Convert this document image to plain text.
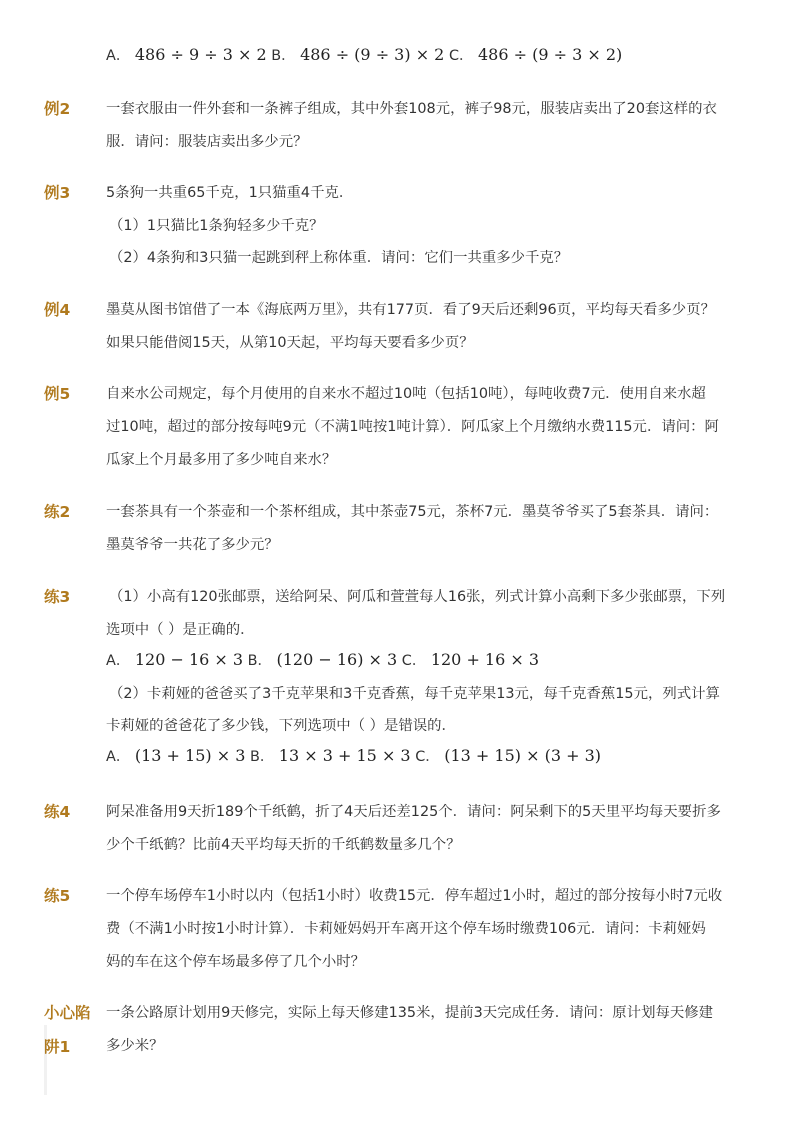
A． 486 ÷ 9 ÷ 3 × 2 B． 486 ÷ (9 ÷ 3) × 2 C． 486 ÷ (9 ÷ 3 × 2)
例2 一套衣服由一件外套和一条裤子组成，其中外套108元，裤子98元，服装店卖出了20套这样的衣
服．请问：服装店卖出多少元？
例3 5条狗一共重65千克，1只猫重4千克．
（1）1只猫比1条狗轻多少千克？
（2）4条狗和3只猫一起跳到秤上称体重．请问：它们一共重多少千克？
例4 墨莫从图书馆借了一本《海底两万里》，共有177页．看了9天后还剩96页，平均每天看多少页？
如果只能借阅15天，从第10天起，平均每天要看多少页？
例5 自来水公司规定，每个月使用的自来水不超过10吨（包括10吨），每吨收费7元．使用自来水超
过10吨，超过的部分按每吨9元（不满1吨按1吨计算）．阿瓜家上个月缴纳水费115元．请问：阿
瓜家上个月最多用了多少吨自来水？
练2 一套茶具有一个茶壶和一个茶杯组成，其中茶壶75元，茶杯7元．墨莫爷爷买了5套茶具．请问：
墨莫爷爷一共花了多少元？
练3	（1）小高有120张邮票，送给阿呆、阿瓜和萱萱每人16张，列式计算小高剩下多少张邮票，下列
选项中（ ）是正确的．
A． 120 − 16 × 3 B． (120 − 16) × 3 C． 120 + 16 × 3
（2）卡莉娅的爸爸买了3千克苹果和3千克香蕉，每千克苹果13元，每千克香蕉15元，列式计算
卡莉娅的爸爸花了多少钱，下列选项中（ ）是错误的．
A． (13 + 15) × 3 B． 13 × 3 + 15 × 3 C． (13 + 15) × (3 + 3)
练4 阿呆准备用9天折189个千纸鹤，折了4天后还差125个．请问：阿呆剩下的5天里平均每天要折多
少个千纸鹤？比前4天平均每天折的千纸鹤数量多几个？
练5 一个停车场停车1小时以内（包括1小时）收费15元．停车超过1小时，超过的部分按每小时7元收
费（不满1小时按1小时计算）．卡莉娅妈妈开车离开这个停车场时缴费106元．请问：卡莉娅妈
妈的车在这个停车场最多停了几个小时？
小心陷
阱1
一条公路原计划用9天修完，实际上每天修建135米，提前3天完成任务．请问：原计划每天修建
多少米？
